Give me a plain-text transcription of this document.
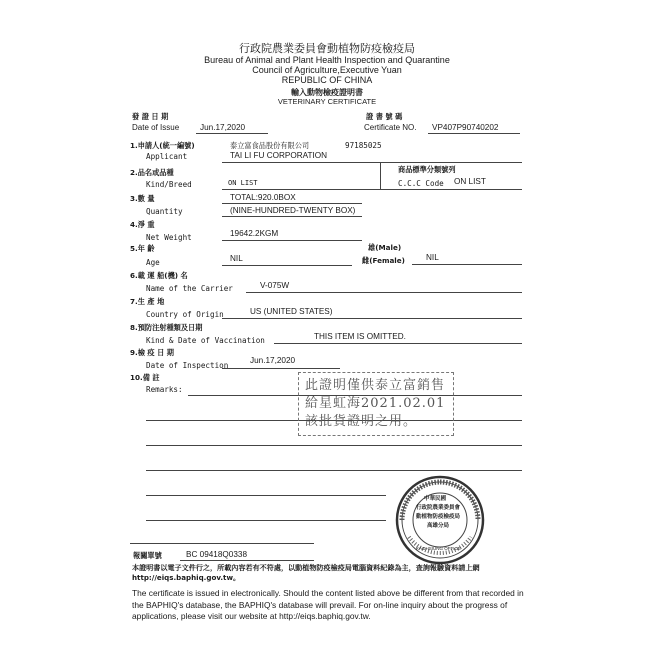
行政院農業委員會動植物防疫檢疫局
Bureau of Animal and Plant Health Inspection and Quarantine
Council of Agriculture,Executive Yuan
REPUBLIC OF CHINA
輸入動物檢疫證明書
VETERINARY CERTIFICATE
發 證 日 期
Date of Issue	Jun.17,2020
證 書 號 碼
Certificate NO. VP407P90740202
1.申請人(統一編號)	泰立富食品股份有限公司	97185025
Applicant	TAI LI FU CORPORATION
2.品名或品種
Kind/Breed	ON LIST
商品標準分類號列
C.C.C Code ON LIST
3.數 量	TOTAL:920.0BOX
Quantity	(NINE-HUNDRED-TWENTY BOX)
4.淨 重
Net Weight	19642.2KGM
5.年 齡
Age	NIL
雄(Male)
雌(Female)	NIL
6.載 運 船(機) 名
Name of the Carrier	V-075W
7.生 產 地
Country of Origin	US (UNITED STATES)
8.預防注射種類及日期
Kind & Date of Vaccination	THIS ITEM IS OMITTED.
9.檢 疫 日 期
Date of Inspection
Jun.17,2020
10.備 註
Remarks:	此證明僅供泰立富銷售
給星虹海2021.02.01
該批貨證明之用。
中華民國
行政院農業委員會
動植物防疫檢疫局
高雄分局
KAOHSIUNG OFFICE
報關單號	BC 09418Q0338
本證明書以電子文件行之，所載內容若有不符處，以動植物防疫檢疫局電腦資料紀錄為主，查詢報驗資料請上網 http://eiqs.baphiq.gov.tw。
The certificate is issued in electronically. Should the content listed above be different from that recorded in the BAPHIQ's database, the BAPHIQ's database will prevail. For on-line inquiry about the progress of applications, please visit our website at http://eiqs.baphiq.gov.tw.
